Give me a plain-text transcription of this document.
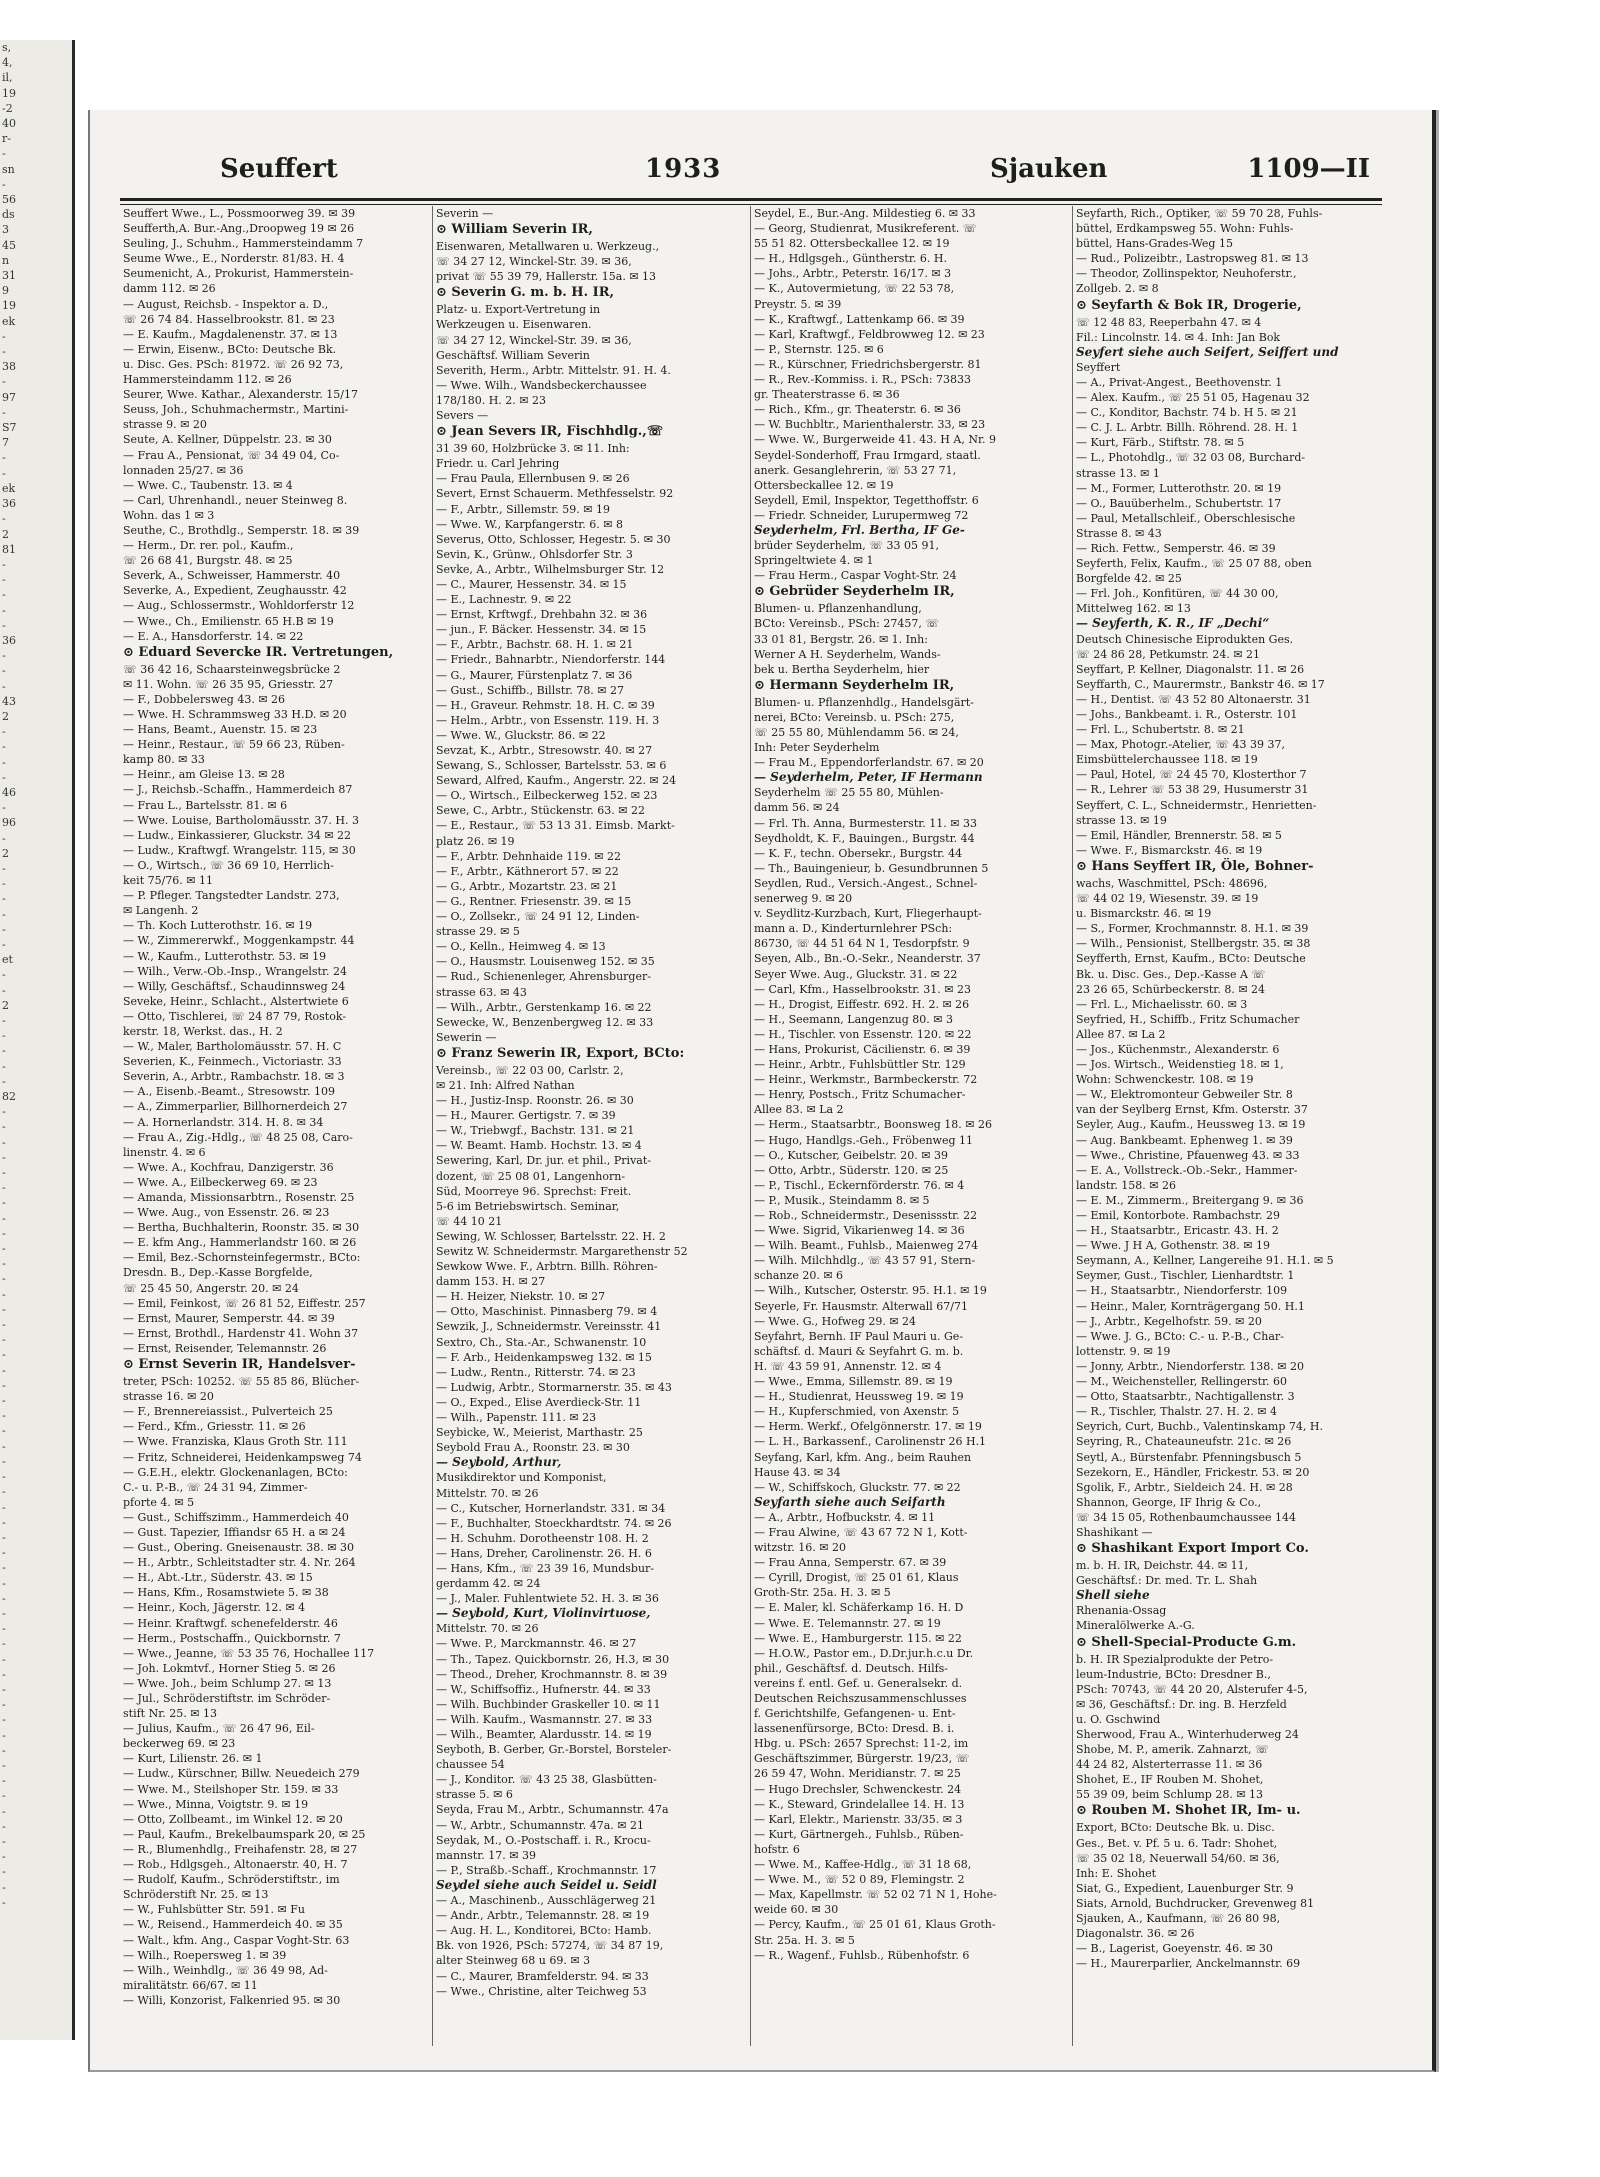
s,
4,
il,
19
-2
40
r-
-
sn
-
56
ds
3
45
n
31
9
19
ek
-
-
38
-
97
-
S7
7
-
-
ek
36
-
2
81
-
-
-
-
-
36
-
-
-
43
2
-
-
-
-
46
-
96
-
2
-
-
-
-
-
-
et
-
-
2
-
-
-
-
-
82
-
-
-
-
-
-
-
-
-
-
-
-
-
-
-
-
-
-
-
-
-
-
-
-
-
-
-
-
-
-
-
-
-
-
-
-
-
-
-
-
-
-
-
-
-
-
-
-
-
-
-
-
-
Seuffert	1933	Sjauken	1109—II
Seuffert Wwe., L., Possmoorweg 39. ✉ 39
Seufferth,A. Bur.-Ang.,Droopweg 19 ✉ 26
Seuling, J., Schuhm., Hammersteindamm 7
Seume Wwe., E., Norderstr. 81/83. H. 4
Seumenicht, A., Prokurist, Hammerstein-
damm 112. ✉ 26
— August, Reichsb. - Inspektor a. D.,
☏ 26 74 84. Hasselbrookstr. 81. ✉ 23
— E. Kaufm., Magdalenenstr. 37. ✉ 13
— Erwin, Eisenw., BCto: Deutsche Bk.
u. Disc. Ges. PSch: 81972. ☏ 26 92 73,
Hammersteindamm 112. ✉ 26
Seurer, Wwe. Kathar., Alexanderstr. 15/17
Seuss, Joh., Schuhmachermstr., Martini-
strasse 9. ✉ 20
Seute, A. Kellner, Düppelstr. 23. ✉ 30
— Frau A., Pensionat, ☏ 34 49 04, Co-
lonnaden 25/27. ✉ 36
— Wwe. C., Taubenstr. 13. ✉ 4
— Carl, Uhrenhandl., neuer Steinweg 8.
Wohn. das 1 ✉ 3
Seuthe, C., Brothdlg., Semperstr. 18. ✉ 39
— Herm., Dr. rer. pol., Kaufm.,
☏ 26 68 41, Burgstr. 48. ✉ 25
Severk, A., Schweisser, Hammerstr. 40
Severke, A., Expedient, Zeughausstr. 42
— Aug., Schlossermstr., Wohldorferstr 12
— Wwe., Ch., Emilienstr. 65 H.B ✉ 19
— E. A., Hansdorferstr. 14. ✉ 22
⊙ Eduard Severcke IR. Vertretungen,
☏ 36 42 16, Schaarsteinwegsbrücke 2
✉ 11. Wohn. ☏ 26 35 95, Griesstr. 27
— F., Dobbelersweg 43. ✉ 26
— Wwe. H. Schrammsweg 33 H.D. ✉ 20
— Hans, Beamt., Auenstr. 15. ✉ 23
— Heinr., Restaur., ☏ 59 66 23, Rüben-
kamp 80. ✉ 33
— Heinr., am Gleise 13. ✉ 28
— J., Reichsb.-Schaffn., Hammerdeich 87
— Frau L., Bartelsstr. 81. ✉ 6
— Wwe. Louise, Bartholomäusstr. 37. H. 3
— Ludw., Einkassierer, Gluckstr. 34 ✉ 22
— Ludw., Kraftwgf. Wrangelstr. 115, ✉ 30
— O., Wirtsch., ☏ 36 69 10, Herrlich-
keit 75/76. ✉ 11
— P. Pfleger. Tangstedter Landstr. 273,
✉ Langenh. 2
— Th. Koch Lutterothstr. 16. ✉ 19
— W., Zimmererwkf., Moggenkampstr. 44
— W., Kaufm., Lutterothstr. 53. ✉ 19
— Wilh., Verw.-Ob.-Insp., Wrangelstr. 24
— Willy, Geschäftsf., Schaudinnsweg 24
Seveke, Heinr., Schlacht., Alstertwiete 6
— Otto, Tischlerei, ☏ 24 87 79, Rostok-
kerstr. 18, Werkst. das., H. 2
— W., Maler, Bartholomäusstr. 57. H. C
Severien, K., Feinmech., Victoriastr. 33
Severin, A., Arbtr., Rambachstr. 18. ✉ 3
— A., Eisenb.-Beamt., Stresowstr. 109
— A., Zimmerparlier, Billhornerdeich 27
— A. Hornerlandstr. 314. H. 8. ✉ 34
— Frau A., Zig.-Hdlg., ☏ 48 25 08, Caro-
linenstr. 4. ✉ 6
— Wwe. A., Kochfrau, Danzigerstr. 36
— Wwe. A., Eilbeckerweg 69. ✉ 23
— Amanda, Missionsarbtrn., Rosenstr. 25
— Wwe. Aug., von Essenstr. 26. ✉ 23
— Bertha, Buchhalterin, Roonstr. 35. ✉ 30
— E. kfm Ang., Hammerlandstr 160. ✉ 26
— Emil, Bez.-Schornsteinfegermstr., BCto:
Dresdn. B., Dep.-Kasse Borgfelde,
☏ 25 45 50, Angerstr. 20. ✉ 24
— Emil, Feinkost, ☏ 26 81 52, Eiffestr. 257
— Ernst, Maurer, Semperstr. 44. ✉ 39
— Ernst, Brothdl., Hardenstr 41. Wohn 37
— Ernst, Reisender, Telemannstr. 26
⊙ Ernst Severin IR, Handelsver-
treter, PSch: 10252. ☏ 55 85 86, Blücher-
strasse 16. ✉ 20
— F., Brennereiassist., Pulverteich 25
— Ferd., Kfm., Griesstr. 11. ✉ 26
— Wwe. Franziska, Klaus Groth Str. 111
— Fritz, Schneiderei, Heidenkampsweg 74
— G.E.H., elektr. Glockenanlagen, BCto:
C.- u. P.-B., ☏ 24 31 94, Zimmer-
pforte 4. ✉ 5
— Gust., Schiffszimm., Hammerdeich 40
— Gust. Tapezier, Iffiandsr 65 H. a ✉ 24
— Gust., Obering. Gneisenaustr. 38. ✉ 30
— H., Arbtr., Schleitstadter str. 4. Nr. 264
— H., Abt.-Ltr., Süderstr. 43. ✉ 15
— Hans, Kfm., Rosamstwiete 5. ✉ 38
— Heinr., Koch, Jägerstr. 12. ✉ 4
— Heinr. Kraftwgf. schenefelderstr. 46
— Herm., Postschaffn., Quickbornstr. 7
— Wwe., Jeanne, ☏ 53 35 76, Hochallee 117
— Joh. Lokmtvf., Horner Stieg 5. ✉ 26
— Wwe. Joh., beim Schlump 27. ✉ 13
— Jul., Schröderstiftstr. im Schröder-
stift Nr. 25. ✉ 13
— Julius, Kaufm., ☏ 26 47 96, Eil-
beckerweg 69. ✉ 23
— Kurt, Lilienstr. 26. ✉ 1
— Ludw., Kürschner, Billw. Neuedeich 279
— Wwe. M., Steilshoper Str. 159. ✉ 33
— Wwe., Minna, Voigtstr. 9. ✉ 19
— Otto, Zollbeamt., im Winkel 12. ✉ 20
— Paul, Kaufm., Brekelbaumspark 20, ✉ 25
— R., Blumenhdlg., Freihafenstr. 28, ✉ 27
— Rob., Hdlgsgeh., Altonaerstr. 40, H. 7
— Rudolf, Kaufm., Schröderstiftstr., im
Schröderstift Nr. 25. ✉ 13
— W., Fuhlsbütter Str. 591. ✉ Fu
— W., Reisend., Hammerdeich 40. ✉ 35
— Walt., kfm. Ang., Caspar Voght-Str. 63
— Wilh., Roepersweg 1. ✉ 39
— Wilh., Weinhdlg., ☏ 36 49 98, Ad-
miralitätstr. 66/67. ✉ 11
— Willi, Konzorist, Falkenried 95. ✉ 30
Severin —
⊙ William Severin IR,
Eisenwaren, Metallwaren u. Werkzeug.,
☏ 34 27 12, Winckel-Str. 39. ✉ 36,
privat ☏ 55 39 79, Hallerstr. 15a. ✉ 13
⊙ Severin G. m. b. H. IR,
Platz- u. Export-Vertretung in
Werkzeugen u. Eisenwaren.
☏ 34 27 12, Winckel-Str. 39. ✉ 36,
Geschäftsf. William Severin
Severith, Herm., Arbtr. Mittelstr. 91. H. 4.
— Wwe. Wilh., Wandsbeckerchaussee
178/180. H. 2. ✉ 23
Severs —
⊙ Jean Severs IR, Fischhdlg.,☏
31 39 60, Holzbrücke 3. ✉ 11. Inh:
Friedr. u. Carl Jehring
— Frau Paula, Ellernbusen 9. ✉ 26
Severt, Ernst Schauerm. Methfesselstr. 92
— F., Arbtr., Sillemstr. 59. ✉ 19
— Wwe. W., Karpfangerstr. 6. ✉ 8
Severus, Otto, Schlosser, Hegestr. 5. ✉ 30
Sevin, K., Grünw., Ohlsdorfer Str. 3
Sevke, A., Arbtr., Wilhelmsburger Str. 12
— C., Maurer, Hessenstr. 34. ✉ 15
— E., Lachnestr. 9. ✉ 22
— Ernst, Krftwgf., Drehbahn 32. ✉ 36
— jun., F. Bäcker. Hessenstr. 34. ✉ 15
— F., Arbtr., Bachstr. 68. H. 1. ✉ 21
— Friedr., Bahnarbtr., Niendorferstr. 144
— G., Maurer, Fürstenplatz 7. ✉ 36
— Gust., Schiffb., Billstr. 78. ✉ 27
— H., Graveur. Rehmstr. 18. H. C. ✉ 39
— Helm., Arbtr., von Essenstr. 119. H. 3
— Wwe. W., Gluckstr. 86. ✉ 22
Sevzat, K., Arbtr., Stresowstr. 40. ✉ 27
Sewang, S., Schlosser, Bartelsstr. 53. ✉ 6
Seward, Alfred, Kaufm., Angerstr. 22. ✉ 24
— O., Wirtsch., Eilbeckerweg 152. ✉ 23
Sewe, C., Arbtr., Stückenstr. 63. ✉ 22
— E., Restaur., ☏ 53 13 31. Eimsb. Markt-
platz 26. ✉ 19
— F., Arbtr. Dehnhaide 119. ✉ 22
— F., Arbtr., Käthnerort 57. ✉ 22
— G., Arbtr., Mozartstr. 23. ✉ 21
— G., Rentner. Friesenstr. 39. ✉ 15
— O., Zollsekr., ☏ 24 91 12, Linden-
strasse 29. ✉ 5
— O., Kelln., Heimweg 4. ✉ 13
— O., Hausmstr. Louisenweg 152. ✉ 35
— Rud., Schienenleger, Ahrensburger-
strasse 63. ✉ 43
— Wilh., Arbtr., Gerstenkamp 16. ✉ 22
Sewecke, W., Benzenbergweg 12. ✉ 33
Sewerin —
⊙ Franz Sewerin IR, Export, BCto:
Vereinsb., ☏ 22 03 00, Carlstr. 2,
✉ 21. Inh: Alfred Nathan
— H., Justiz-Insp. Roonstr. 26. ✉ 30
— H., Maurer. Gertigstr. 7. ✉ 39
— W., Triebwgf., Bachstr. 131. ✉ 21
— W. Beamt. Hamb. Hochstr. 13. ✉ 4
Sewering, Karl, Dr. jur. et phil., Privat-
dozent, ☏ 25 08 01, Langenhorn-
Süd, Moorreye 96. Sprechst: Freit.
5-6 im Betriebswirtsch. Seminar,
☏ 44 10 21
Sewing, W. Schlosser, Bartelsstr. 22. H. 2
Sewitz W. Schneidermstr. Margarethenstr 52
Sewkow Wwe. F., Arbtrn. Billh. Röhren-
damm 153. H. ✉ 27
— H. Heizer, Niekstr. 10. ✉ 27
— Otto, Maschinist. Pinnasberg 79. ✉ 4
Sewzik, J., Schneidermstr. Vereinsstr. 41
Sextro, Ch., Sta.-Ar., Schwanenstr. 10
— F. Arb., Heidenkampsweg 132. ✉ 15
— Ludw., Rentn., Ritterstr. 74. ✉ 23
— Ludwig, Arbtr., Stormarnerstr. 35. ✉ 43
— O., Exped., Elise Averdieck-Str. 11
— Wilh., Papenstr. 111. ✉ 23
Seybicke, W., Meierist, Marthastr. 25
Seybold Frau A., Roonstr. 23. ✉ 30
— Seybold, Arthur,
Musikdirektor und Komponist,
Mittelstr. 70. ✉ 26
— C., Kutscher, Hornerlandstr. 331. ✉ 34
— F., Buchhalter, Stoeckhardtstr. 74. ✉ 26
— H. Schuhm. Dorotheenstr 108. H. 2
— Hans, Dreher, Carolinenstr. 26. H. 6
— Hans, Kfm., ☏ 23 39 16, Mundsbur-
gerdamm 42. ✉ 24
— J., Maler. Fuhlentwiete 52. H. 3. ✉ 36
— Seybold, Kurt, Violinvirtuose,
Mittelstr. 70. ✉ 26
— Wwe. P., Marckmannstr. 46. ✉ 27
— Th., Tapez. Quickbornstr. 26, H.3, ✉ 30
— Theod., Dreher, Krochmannstr. 8. ✉ 39
— W., Schiffsoffiz., Hufnerstr. 44. ✉ 33
— Wilh. Buchbinder Graskeller 10. ✉ 11
— Wilh. Kaufm., Wasmannstr. 27. ✉ 33
— Wilh., Beamter, Alardusstr. 14. ✉ 19
Seyboth, B. Gerber, Gr.-Borstel, Borsteler-
chaussee 54
— J., Konditor. ☏ 43 25 38, Glasbütten-
strasse 5. ✉ 6
Seyda, Frau M., Arbtr., Schumannstr. 47a
— W., Arbtr., Schumannstr. 47a. ✉ 21
Seydak, M., O.-Postschaff. i. R., Krocu-
mannstr. 17. ✉ 39
— P., Straßb.-Schaff., Krochmannstr. 17
Seydel siehe auch Seidel u. Seidl
— A., Maschinenb., Ausschlägerweg 21
— Andr., Arbtr., Telemannstr. 28. ✉ 19
— Aug. H. L., Konditorei, BCto: Hamb.
Bk. von 1926, PSch: 57274, ☏ 34 87 19,
alter Steinweg 68 u 69. ✉ 3
— C., Maurer, Bramfelderstr. 94. ✉ 33
— Wwe., Christine, alter Teichweg 53
Seydel, E., Bur.-Ang. Mildestieg 6. ✉ 33
— Georg, Studienrat, Musikreferent. ☏
55 51 82. Ottersbeckallee 12. ✉ 19
— H., Hdlgsgeh., Güntherstr. 6. H.
— Johs., Arbtr., Peterstr. 16/17. ✉ 3
— K., Autovermietung, ☏ 22 53 78,
Preystr. 5. ✉ 39
— K., Kraftwgf., Lattenkamp 66. ✉ 39
— Karl, Kraftwgf., Feldbrowweg 12. ✉ 23
— P., Sternstr. 125. ✉ 6
— R., Kürschner, Friedrichsbergerstr. 81
— R., Rev.-Kommiss. i. R., PSch: 73833
gr. Theaterstrasse 6. ✉ 36
— Rich., Kfm., gr. Theaterstr. 6. ✉ 36
— W. Buchbltr., Marienthalerstr. 33, ✉ 23
— Wwe. W., Burgerweide 41. 43. H A, Nr. 9
Seydel-Sonderhoff, Frau Irmgard, staatl.
anerk. Gesanglehrerin, ☏ 53 27 71,
Ottersbeckallee 12. ✉ 19
Seydell, Emil, Inspektor, Tegetthoffstr. 6
— Friedr. Schneider, Lurupermweg 72
Seyderhelm, Frl. Bertha, IF Ge-
brüder Seyderhelm, ☏ 33 05 91,
Springeltwiete 4. ✉ 1
— Frau Herm., Caspar Voght-Str. 24
⊙ Gebrüder Seyderhelm IR,
Blumen- u. Pflanzenhandlung,
BCto: Vereinsb., PSch: 27457, ☏
33 01 81, Bergstr. 26. ✉ 1. Inh:
Werner A H. Seyderhelm, Wands-
bek u. Bertha Seyderhelm, hier
⊙ Hermann Seyderhelm IR,
Blumen- u. Pflanzenhdlg., Handelsgärt-
nerei, BCto: Vereinsb. u. PSch: 275,
☏ 25 55 80, Mühlendamm 56. ✉ 24,
Inh: Peter Seyderhelm
— Frau M., Eppendorferlandstr. 67. ✉ 20
— Seyderhelm, Peter, IF Hermann
Seyderhelm ☏ 25 55 80, Mühlen-
damm 56. ✉ 24
— Frl. Th. Anna, Burmesterstr. 11. ✉ 33
Seydholdt, K. F., Bauingen., Burgstr. 44
— K. F., techn. Obersekr., Burgstr. 44
— Th., Bauingenieur, b. Gesundbrunnen 5
Seydlen, Rud., Versich.-Angest., Schnel-
senerweg 9. ✉ 20
v. Seydlitz-Kurzbach, Kurt, Fliegerhaupt-
mann a. D., Kinderturnlehrer PSch:
86730, ☏ 44 51 64 N 1, Tesdorpfstr. 9
Seyen, Alb., Bn.-O.-Sekr., Neanderstr. 37
Seyer Wwe. Aug., Gluckstr. 31. ✉ 22
— Carl, Kfm., Hasselbrookstr. 31. ✉ 23
— H., Drogist, Eiffestr. 692. H. 2. ✉ 26
— H., Seemann, Langenzug 80. ✉ 3
— H., Tischler. von Essenstr. 120. ✉ 22
— Hans, Prokurist, Cäcilienstr. 6. ✉ 39
— Heinr., Arbtr., Fuhlsbüttler Str. 129
— Heinr., Werkmstr., Barmbeckerstr. 72
— Henry, Postsch., Fritz Schumacher-
Allee 83. ✉ La 2
— Herm., Staatsarbtr., Boonsweg 18. ✉ 26
— Hugo, Handlgs.-Geh., Fröbenweg 11
— O., Kutscher, Geibelstr. 20. ✉ 39
— Otto, Arbtr., Süderstr. 120. ✉ 25
— P., Tischl., Eckernförderstr. 76. ✉ 4
— P., Musik., Steindamm 8. ✉ 5
— Rob., Schneidermstr., Desenissstr. 22
— Wwe. Sigrid, Vikarienweg 14. ✉ 36
— Wilh. Beamt., Fuhlsb., Maienweg 274
— Wilh. Milchhdlg., ☏ 43 57 91, Stern-
schanze 20. ✉ 6
— Wilh., Kutscher, Osterstr. 95. H.1. ✉ 19
Seyerle, Fr. Hausmstr. Alterwall 67/71
— Wwe. G., Hofweg 29. ✉ 24
Seyfahrt, Bernh. IF Paul Mauri u. Ge-
schäftsf. d. Mauri & Seyfahrt G. m. b.
H. ☏ 43 59 91, Annenstr. 12. ✉ 4
— Wwe., Emma, Sillemstr. 89. ✉ 19
— H., Studienrat, Heussweg 19. ✉ 19
— H., Kupferschmied, von Axenstr. 5
— Herm. Werkf., Ofelgönnerstr. 17. ✉ 19
— L. H., Barkassenf., Carolinenstr 26 H.1
Seyfang, Karl, kfm. Ang., beim Rauhen
Hause 43. ✉ 34
— W., Schiffskoch, Gluckstr. 77. ✉ 22
Seyfarth siehe auch Seifarth
— A., Arbtr., Hofbuckstr. 4. ✉ 11
— Frau Alwine, ☏ 43 67 72 N 1, Kott-
witzstr. 16. ✉ 20
— Frau Anna, Semperstr. 67. ✉ 39
— Cyrill, Drogist, ☏ 25 01 61, Klaus
Groth-Str. 25a. H. 3. ✉ 5
— E. Maler, kl. Schäferkamp 16. H. D
— Wwe. E. Telemannstr. 27. ✉ 19
— Wwe. E., Hamburgerstr. 115. ✉ 22
— H.O.W., Pastor em., D.Dr.jur.h.c.u Dr.
phil., Geschäftsf. d. Deutsch. Hilfs-
vereins f. entl. Gef. u. Generalsekr. d.
Deutschen Reichszusammenschlusses
f. Gerichtshilfe, Gefangenen- u. Ent-
lassenenfürsorge, BCto: Dresd. B. i.
Hbg. u. PSch: 2657 Sprechst: 11-2, im
Geschäftszimmer, Bürgerstr. 19/23, ☏
26 59 47, Wohn. Meridianstr. 7. ✉ 25
— Hugo Drechsler, Schwenckestr. 24
— K., Steward, Grindelallee 14. H. 13
— Karl, Elektr., Marienstr. 33/35. ✉ 3
— Kurt, Gärtnergeh., Fuhlsb., Rüben-
hofstr. 6
— Wwe. M., Kaffee-Hdlg., ☏ 31 18 68,
— Wwe. M., ☏ 52 0 89, Flemingstr. 2
— Max, Kapellmstr. ☏ 52 02 71 N 1, Hohe-
weide 60. ✉ 30
— Percy, Kaufm., ☏ 25 01 61, Klaus Groth-
Str. 25a. H. 3. ✉ 5
— R., Wagenf., Fuhlsb., Rübenhofstr. 6
Seyfarth, Rich., Optiker, ☏ 59 70 28, Fuhls-
büttel, Erdkampsweg 55. Wohn: Fuhls-
büttel, Hans-Grades-Weg 15
— Rud., Polizeibtr., Lastropsweg 81. ✉ 13
— Theodor, Zollinspektor, Neuhoferstr.,
Zollgeb. 2. ✉ 8
⊙ Seyfarth & Bok IR, Drogerie,
☏ 12 48 83, Reeperbahn 47. ✉ 4
Fil.: Lincolnstr. 14. ✉ 4. Inh: Jan Bok
Seyfert siehe auch Seifert, Seiffert und
Seyffert
— A., Privat-Angest., Beethovenstr. 1
— Alex. Kaufm., ☏ 25 51 05, Hagenau 32
— C., Konditor, Bachstr. 74 b. H 5. ✉ 21
— C. J. L. Arbtr. Billh. Röhrend. 28. H. 1
— Kurt, Färb., Stiftstr. 78. ✉ 5
— L., Photohdlg., ☏ 32 03 08, Burchard-
strasse 13. ✉ 1
— M., Former, Lutterothstr. 20. ✉ 19
— O., Bauüberhelm., Schubertstr. 17
— Paul, Metallschleif., Oberschlesische
Strasse 8. ✉ 43
— Rich. Fettw., Semperstr. 46. ✉ 39
Seyferth, Felix, Kaufm., ☏ 25 07 88, oben
Borgfelde 42. ✉ 25
— Frl. Joh., Konfitüren, ☏ 44 30 00,
Mittelweg 162. ✉ 13
— Seyferth, K. R., IF „Dechi“
Deutsch Chinesische Eiprodukten Ges.
☏ 24 86 28, Petkumstr. 24. ✉ 21
Seyffart, P. Kellner, Diagonalstr. 11. ✉ 26
Seyffarth, C., Maurermstr., Bankstr 46. ✉ 17
— H., Dentist. ☏ 43 52 80 Altonaerstr. 31
— Johs., Bankbeamt. i. R., Osterstr. 101
— Frl. L., Schubertstr. 8. ✉ 21
— Max, Photogr.-Atelier, ☏ 43 39 37,
Eimsbüttelerchaussee 118. ✉ 19
— Paul, Hotel, ☏ 24 45 70, Klosterthor 7
— R., Lehrer ☏ 53 38 29, Husumerstr 31
Seyffert, C. L., Schneidermstr., Henrietten-
strasse 13. ✉ 19
— Emil, Händler, Brennerstr. 58. ✉ 5
— Wwe. F., Bismarckstr. 46. ✉ 19
⊙ Hans Seyffert IR, Öle, Bohner-
wachs, Waschmittel, PSch: 48696,
☏ 44 02 19, Wiesenstr. 39. ✉ 19
u. Bismarckstr. 46. ✉ 19
— S., Former, Krochmannstr. 8. H.1. ✉ 39
— Wilh., Pensionist, Stellbergstr. 35. ✉ 38
Seyfferth, Ernst, Kaufm., BCto: Deutsche
Bk. u. Disc. Ges., Dep.-Kasse A ☏
23 26 65, Schürbeckerstr. 8. ✉ 24
— Frl. L., Michaelisstr. 60. ✉ 3
Seyfried, H., Schiffb., Fritz Schumacher
Allee 87. ✉ La 2
— Jos., Küchenmstr., Alexanderstr. 6
— Jos. Wirtsch., Weidenstieg 18. ✉ 1,
Wohn: Schwenckestr. 108. ✉ 19
— W., Elektromonteur Gebweiler Str. 8
van der Seylberg Ernst, Kfm. Osterstr. 37
Seyler, Aug., Kaufm., Heussweg 13. ✉ 19
— Aug. Bankbeamt. Ephenweg 1. ✉ 39
— Wwe., Christine, Pfauenweg 43. ✉ 33
— E. A., Vollstreck.-Ob.-Sekr., Hammer-
landstr. 158. ✉ 26
— E. M., Zimmerm., Breitergang 9. ✉ 36
— Emil, Kontorbote. Rambachstr. 29
— H., Staatsarbtr., Ericastr. 43. H. 2
— Wwe. J H A, Gothenstr. 38. ✉ 19
Seymann, A., Kellner, Langereihe 91. H.1. ✉ 5
Seymer, Gust., Tischler, Lienhardtstr. 1
— H., Staatsarbtr., Niendorferstr. 109
— Heinr., Maler, Kornträgergang 50. H.1
— J., Arbtr., Kegelhofstr. 59. ✉ 20
— Wwe. J. G., BCto: C.- u. P.-B., Char-
lottenstr. 9. ✉ 19
— Jonny, Arbtr., Niendorferstr. 138. ✉ 20
— M., Weichensteller, Rellingerstr. 60
— Otto, Staatsarbtr., Nachtigallenstr. 3
— R., Tischler, Thalstr. 27. H. 2. ✉ 4
Seyrich, Curt, Buchb., Valentinskamp 74, H.
Seyring, R., Chateauneufstr. 21c. ✉ 26
Seytl, A., Bürstenfabr. Pfenningsbusch 5
Sezekorn, E., Händler, Frickestr. 53. ✉ 20
Sgolik, F., Arbtr., Sieldeich 24. H. ✉ 28
Shannon, George, IF Ihrig & Co.,
☏ 34 15 05, Rothenbaumchaussee 144
Shashikant —
⊙ Shashikant Export Import Co.
m. b. H. IR, Deichstr. 44. ✉ 11,
Geschäftsf.: Dr. med. Tr. L. Shah
Shell siehe
Rhenania-Ossag
Mineralölwerke A.-G.
⊙ Shell-Special-Producte G.m.
b. H. IR Spezialprodukte der Petro-
leum-Industrie, BCto: Dresdner B.,
PSch: 70743, ☏ 44 20 20, Alsterufer 4-5,
✉ 36, Geschäftsf.: Dr. ing. B. Herzfeld
u. O. Gschwind
Sherwood, Frau A., Winterhuderweg 24
Shobe, M. P., amerik. Zahnarzt, ☏
44 24 82, Alsterterrasse 11. ✉ 36
Shohet, E., IF Rouben M. Shohet,
55 39 09, beim Schlump 28. ✉ 13
⊙ Rouben M. Shohet IR, Im- u.
Export, BCto: Deutsche Bk. u. Disc.
Ges., Bet. v. Pf. 5 u. 6. Tadr: Shohet,
☏ 35 02 18, Neuerwall 54/60. ✉ 36,
Inh: E. Shohet
Siat, G., Expedient, Lauenburger Str. 9
Siats, Arnold, Buchdrucker, Grevenweg 81
Sjauken, A., Kaufmann, ☏ 26 80 98,
Diagonalstr. 36. ✉ 26
— B., Lagerist, Goeyenstr. 46. ✉ 30
— H., Maurerparlier, Anckelmannstr. 69
